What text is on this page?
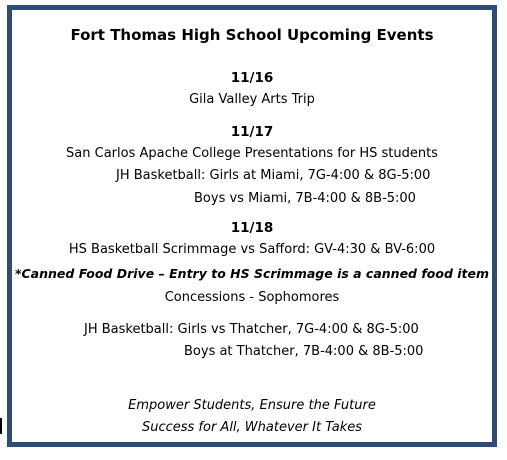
Fort Thomas High School Upcoming Events
11/16
Gila Valley Arts Trip
11/17
San Carlos Apache College Presentations for HS students
JH Basketball: Girls at Miami, 7G-4:00 & 8G-5:00
Boys vs Miami, 7B-4:00 & 8B-5:00
11/18
HS Basketball Scrimmage vs Safford: GV-4:30 & BV-6:00
*Canned Food Drive – Entry to HS Scrimmage is a canned food item
Concessions - Sophomores
JH Basketball: Girls vs Thatcher, 7G-4:00 & 8G-5:00
Boys at Thatcher, 7B-4:00 & 8B-5:00
Empower Students, Ensure the Future
Success for All, Whatever It Takes
